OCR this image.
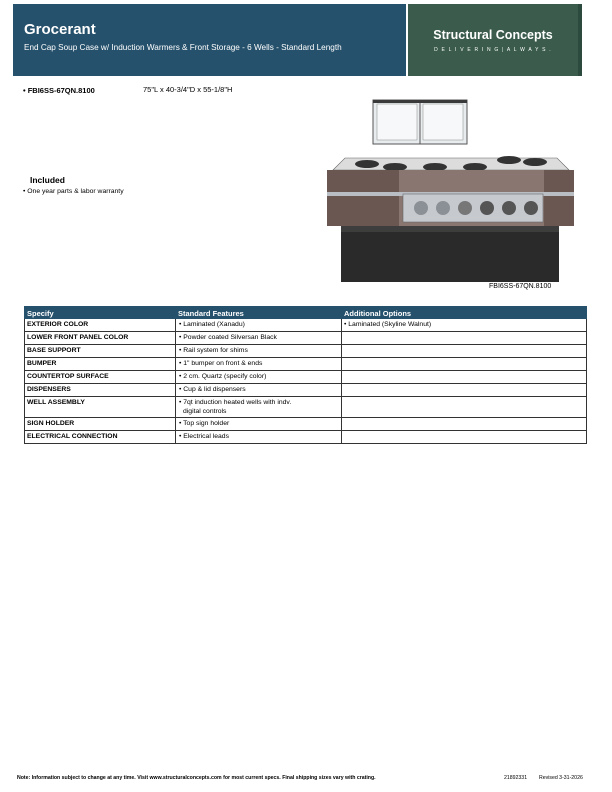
Grocerant
End Cap Soup Case w/ Induction Warmers & Front Storage - 6 Wells - Standard Length
Structural Concepts
D E L I V E R I N G | A L W A Y S .
• FBI6SS-67QN.8100	75"L x 40-3/4"D x 55-1/8"H
Included
• One year parts & labor warranty
FBI6SS-67QN.8100
Specify	Standard Features	Additional Options
EXTERIOR COLOR	• Laminated (Xanadu)	• Laminated (Skyline Walnut)
LOWER FRONT PANEL COLOR	• Powder coated Silversan Black	
BASE SUPPORT	• Rail system for shims	
BUMPER	• 1" bumper on front & ends	
COUNTERTOP SURFACE	• 2 cm. Quartz (specify color)	
DISPENSERS	• Cup & lid dispensers	
WELL ASSEMBLY	• 7qt induction heated wells with indv.
digital controls	

SIGN HOLDER	• Top sign holder	
ELECTRICAL CONNECTION	• Electrical leads	
Note: Information subject to change at any time. Visit www.structuralconcepts.com for most current specs. Final shipping sizes vary with crating.	21892331 Revised 3-31-2026
